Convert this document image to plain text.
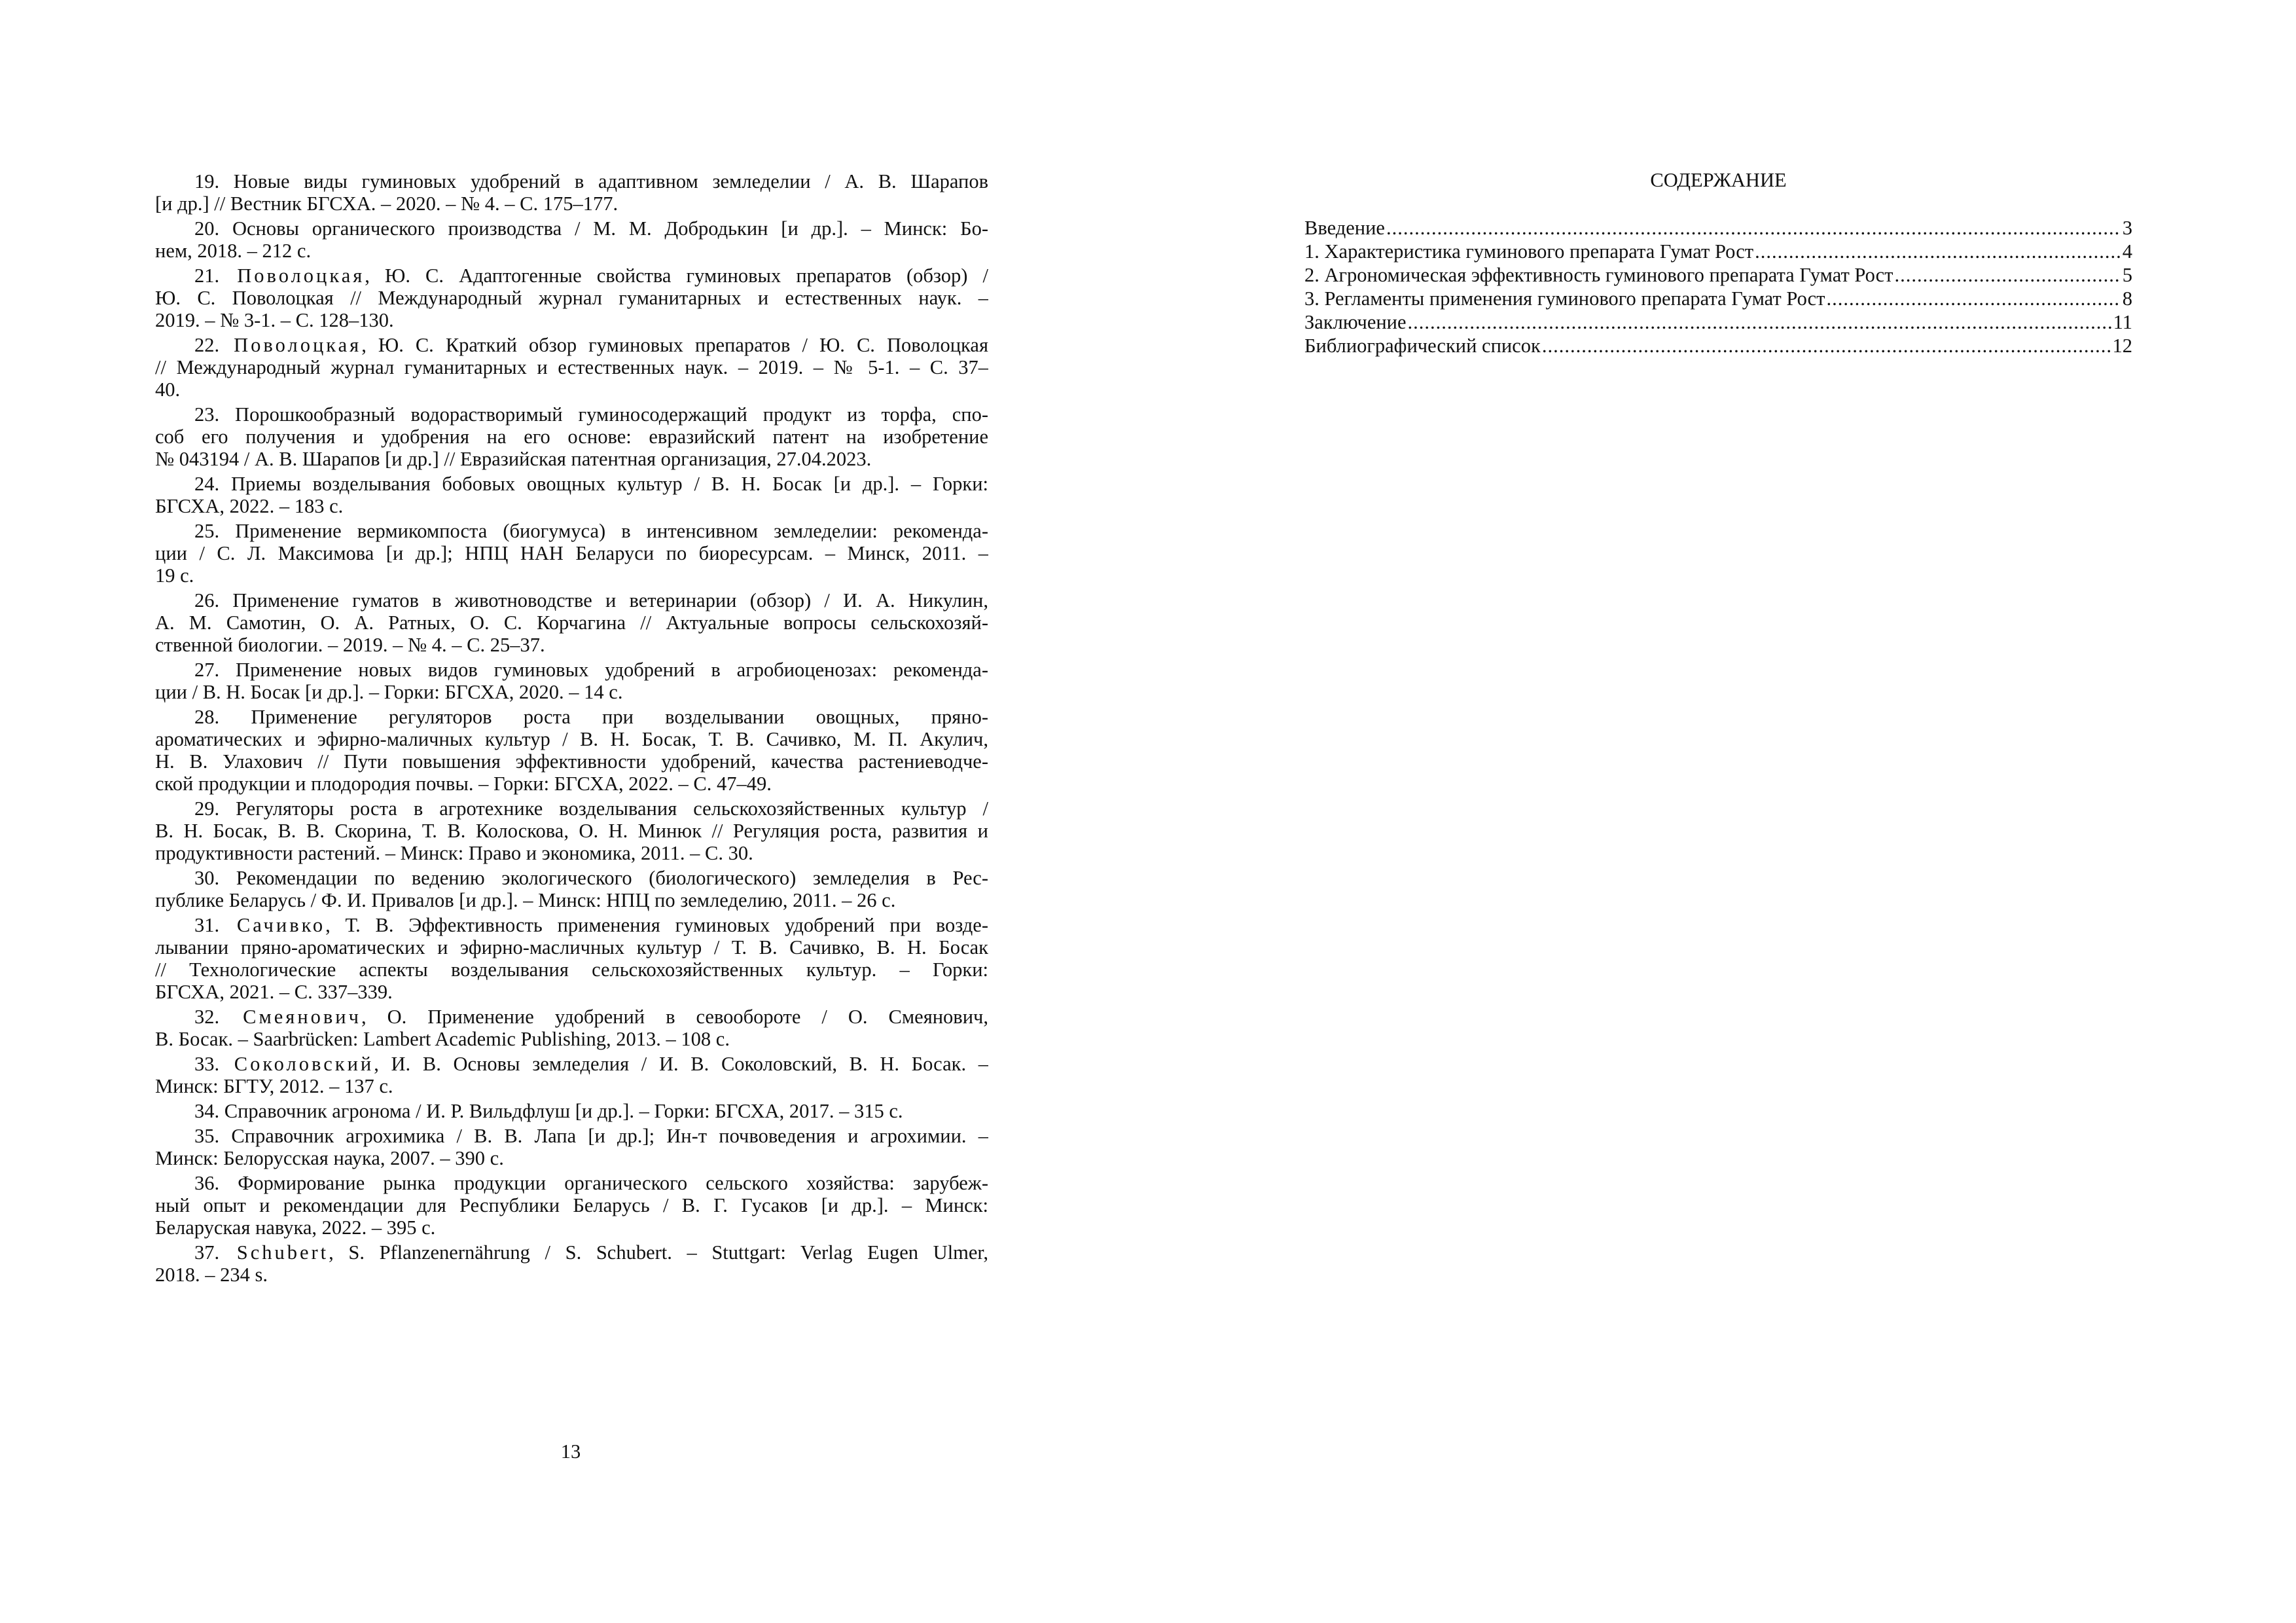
19. Новые виды гуминовых удобрений в адаптивном земледелии / А. В. Шарапов
[и др.] // Вестник БГСХА. – 2020. – № 4. – С. 175–177.
20. Основы органического производства / М. М. Добродькин [и др.]. – Минск: Бо-
нем, 2018. – 212 с.
21. Поволоцкая, Ю. С. Адаптогенные свойства гуминовых препаратов (обзор) /
Ю. С. Поволоцкая // Международный журнал гуманитарных и естественных наук. –
2019. – № 3-1. – С. 128–130.
22. Поволоцкая, Ю. С. Краткий обзор гуминовых препаратов / Ю. С. Поволоцкая
// Международный журнал гуманитарных и естественных наук. – 2019. – № 5-1. – С. 37–
40.
23. Порошкообразный водорастворимый гуминосодержащий продукт из торфа, спо-
соб его получения и удобрения на его основе: евразийский патент на изобретение
№ 043194 / А. В. Шарапов [и др.] // Евразийская патентная организация, 27.04.2023.
24. Приемы возделывания бобовых овощных культур / В. Н. Босак [и др.]. – Горки:
БГСХА, 2022. – 183 с.
25. Применение вермикомпоста (биогумуса) в интенсивном земледелии: рекоменда-
ции / С. Л. Максимова [и др.]; НПЦ НАН Беларуси по биоресурсам. – Минск, 2011. –
19 с.
26. Применение гуматов в животноводстве и ветеринарии (обзор) / И. А. Никулин,
А. М. Самотин, О. А. Ратных, О. С. Корчагина // Актуальные вопросы сельскохозяй-
ственной биологии. – 2019. – № 4. – С. 25–37.
27. Применение новых видов гуминовых удобрений в агробиоценозах: рекоменда-
ции / В. Н. Босак [и др.]. – Горки: БГСХА, 2020. – 14 с.
28. Применение регуляторов роста при возделывании овощных, пряно-
ароматических и эфирно-маличных культур / В. Н. Босак, Т. В. Сачивко, М. П. Акулич,
Н. В. Улахович // Пути повышения эффективности удобрений, качества растениеводче-
ской продукции и плодородия почвы. – Горки: БГСХА, 2022. – С. 47–49.
29. Регуляторы роста в агротехнике возделывания сельскохозяйственных культур /
В. Н. Босак, В. В. Скорина, Т. В. Колоскова, О. Н. Минюк // Регуляция роста, развития и
продуктивности растений. – Минск: Право и экономика, 2011. – С. 30.
30. Рекомендации по ведению экологического (биологического) земледелия в Рес-
публике Беларусь / Ф. И. Привалов [и др.]. – Минск: НПЦ по земледелию, 2011. – 26 с.
31. Сачивко, Т. В. Эффективность применения гуминовых удобрений при возде-
лывании пряно-ароматических и эфирно-масличных культур / Т. В. Сачивко, В. Н. Босак
// Технологические аспекты возделывания сельскохозяйственных культур. – Горки:
БГСХА, 2021. – С. 337–339.
32. Смеянович, О. Применение удобрений в севообороте / О. Смеянович,
В. Босак. – Saarbrücken: Lambert Academic Publishing, 2013. – 108 с.
33. Соколовский, И. В. Основы земледелия / И. В. Соколовский, В. Н. Босак. –
Минск: БГТУ, 2012. – 137 с.
34. Справочник агронома / И. Р. Вильдфлуш [и др.]. – Горки: БГСХА, 2017. – 315 с.
35. Справочник агрохимика / В. В. Лапа [и др.]; Ин-т почвоведения и агрохимии. –
Минск: Белорусская наука, 2007. – 390 с.
36. Формирование рынка продукции органического сельского хозяйства: зарубеж-
ный опыт и рекомендации для Республики Беларусь / В. Г. Гусаков [и др.]. – Минск:
Беларуская навука, 2022. – 395 с.
37. Schubert, S. Pflanzenernährung / S. Schubert. – Stuttgart: Verlag Eugen Ulmer,
2018. – 234 s.
13
СОДЕРЖАНИЕ
Введение .....	3
1. Характеристика гуминового препарата Гумат Рост .....	4
2. Агрономическая эффективность гуминового препарата Гумат Рост .....	5
3. Регламенты применения гуминового препарата Гумат Рост .....	8
Заключение .....	11
Библиографический список .....	12
